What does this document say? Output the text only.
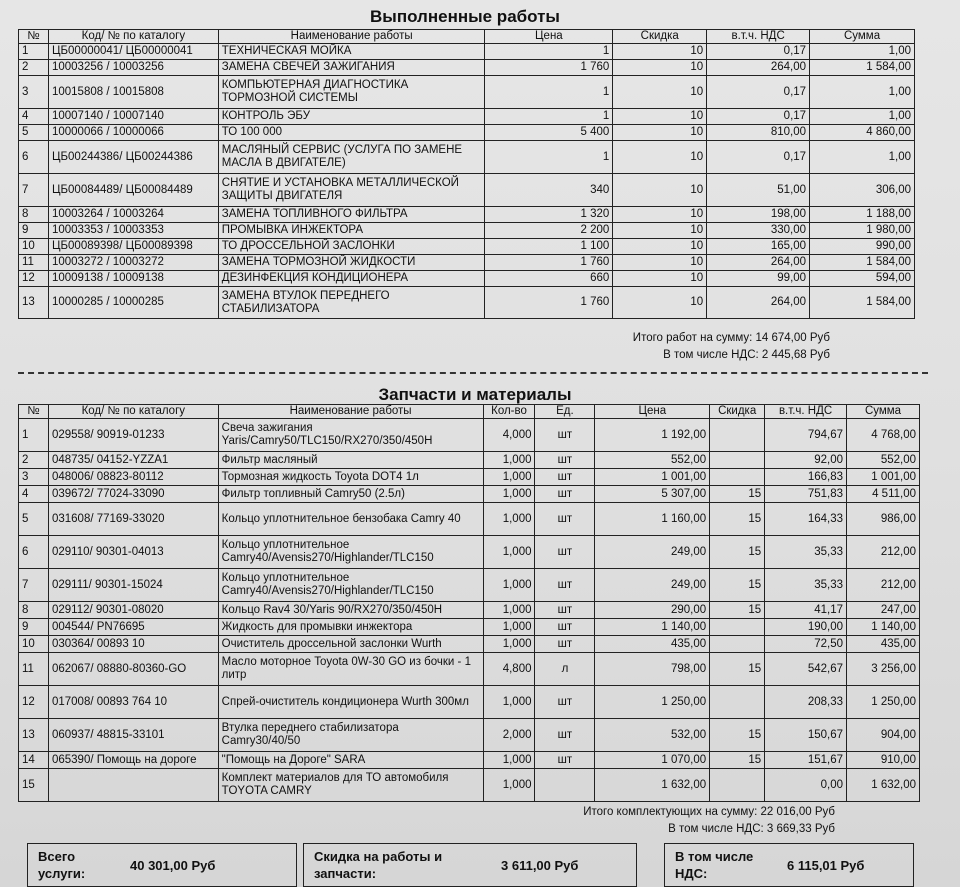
Выполненные работы
№	Код/ № по каталогу	Наименование работы	Цена	Скидка	в.т.ч. НДС	Сумма
1	ЦБ00000041/ ЦБ00000041	ТЕХНИЧЕСКАЯ МОЙКА	1	10	0,17	1,00
2	10003256 / 10003256	ЗАМЕНА СВЕЧЕЙ ЗАЖИГАНИЯ	1 760	10	264,00	1 584,00
3	10015808 / 10015808	КОМПЬЮТЕРНАЯ ДИАГНОСТИКА ТОРМОЗНОЙ СИСТЕМЫ	1	10	0,17	1,00
4	10007140 / 10007140	КОНТРОЛЬ ЭБУ	1	10	0,17	1,00
5	10000066 / 10000066	ТО 100 000	5 400	10	810,00	4 860,00
6	ЦБ00244386/ ЦБ00244386	МАСЛЯНЫЙ СЕРВИС (УСЛУГА ПО ЗАМЕНЕ МАСЛА В ДВИГАТЕЛЕ)	1	10	0,17	1,00
7	ЦБ00084489/ ЦБ00084489	СНЯТИЕ И УСТАНОВКА МЕТАЛЛИЧЕСКОЙ ЗАЩИТЫ ДВИГАТЕЛЯ	340	10	51,00	306,00
8	10003264 / 10003264	ЗАМЕНА ТОПЛИВНОГО ФИЛЬТРА	1 320	10	198,00	1 188,00
9	10003353 / 10003353	ПРОМЫВКА ИНЖЕКТОРА	2 200	10	330,00	1 980,00
10	ЦБ00089398/ ЦБ00089398	ТО ДРОССЕЛЬНОЙ ЗАСЛОНКИ	1 100	10	165,00	990,00
11	10003272 / 10003272	ЗАМЕНА ТОРМОЗНОЙ ЖИДКОСТИ	1 760	10	264,00	1 584,00
12	10009138 / 10009138	ДЕЗИНФЕКЦИЯ КОНДИЦИОНЕРА	660	10	99,00	594,00
13	10000285 / 10000285	ЗАМЕНА ВТУЛОК ПЕРЕДНЕГО СТАБИЛИЗАТОРА	1 760	10	264,00	1 584,00
Итого работ на сумму: 14 674,00 Руб
В том числе НДС: 2 445,68 Руб
Запчасти и материалы
№	Код/ № по каталогу	Наименование работы	Кол-во	Ед.	Цена	Скидка	в.т.ч. НДС	Сумма
1	029558/ 90919-01233	Свеча зажигания Yaris/Camry50/TLC150/RX270/350/450H	4,000	шт	1 192,00		794,67	4 768,00
2	048735/ 04152-YZZA1	Фильтр масляный	1,000	шт	552,00		92,00	552,00
3	048006/ 08823-80112	Тормозная жидкость Toyota DOT4 1л	1,000	шт	1 001,00		166,83	1 001,00
4	039672/ 77024-33090	Фильтр топливный Camry50 (2.5л)	1,000	шт	5 307,00	15	751,83	4 511,00
5	031608/ 77169-33020	Кольцо уплотнительное бензобака Camry 40	1,000	шт	1 160,00	15	164,33	986,00
6	029110/ 90301-04013	Кольцо уплотнительное Camry40/Avensis270/Highlander/TLC150	1,000	шт	249,00	15	35,33	212,00
7	029111/ 90301-15024	Кольцо уплотнительное Camry40/Avensis270/Highlander/TLC150	1,000	шт	249,00	15	35,33	212,00
8	029112/ 90301-08020	Кольцо Rav4 30/Yaris 90/RX270/350/450H	1,000	шт	290,00	15	41,17	247,00
9	004544/ PN76695	Жидкость для промывки инжектора	1,000	шт	1 140,00		190,00	1 140,00
10	030364/ 00893 10	Очиститель дроссельной заслонки Wurth	1,000	шт	435,00		72,50	435,00
11	062067/ 08880-80360-GO	Масло моторное Toyota 0W-30 GO из бочки - 1 литр	4,800	л	798,00	15	542,67	3 256,00
12	017008/ 00893 764 10	Спрей-очиститель кондиционера Wurth 300мл	1,000	шт	1 250,00		208,33	1 250,00
13	060937/ 48815-33101	Втулка переднего стабилизатора Camry30/40/50	2,000	шт	532,00	15	150,67	904,00
14	065390/ Помощь на дороге	"Помощь на Дороге" SARA	1,000	шт	1 070,00	15	151,67	910,00
15		Комплект материалов для ТО автомобиля TOYOTA CAMRY	1,000		1 632,00		0,00	1 632,00
Итого комплектующих на сумму: 22 016,00 Руб
В том числе НДС: 3 669,33 Руб
Всего услуги:
40 301,00 Руб
Скидка на работы и запчасти:
3 611,00 Руб
В том числе НДС:
6 115,01 Руб
